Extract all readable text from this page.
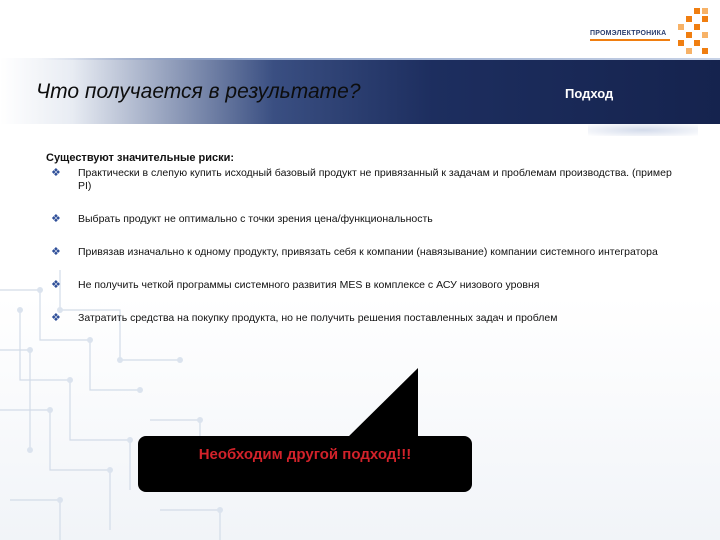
ПРОМЭЛЕКТРОНИКА
Что получается в результате?	Подход
Существуют значительные риски:
❖ Практически в слепую купить исходный базовый продукт не привязанный к задачам и проблемам производства. (пример PI)
❖ Выбрать продукт не оптимально с точки зрения цена/функциональность
❖ Привязав изначально к одному продукту, привязать себя к компании (навязывание) компании системного интегратора
❖ Не получить четкой программы системного развития MES в комплексе с АСУ низового уровня
❖ Затратить средства на покупку продукта, но не получить решения поставленных задач и проблем
Необходим другой подход!!!
